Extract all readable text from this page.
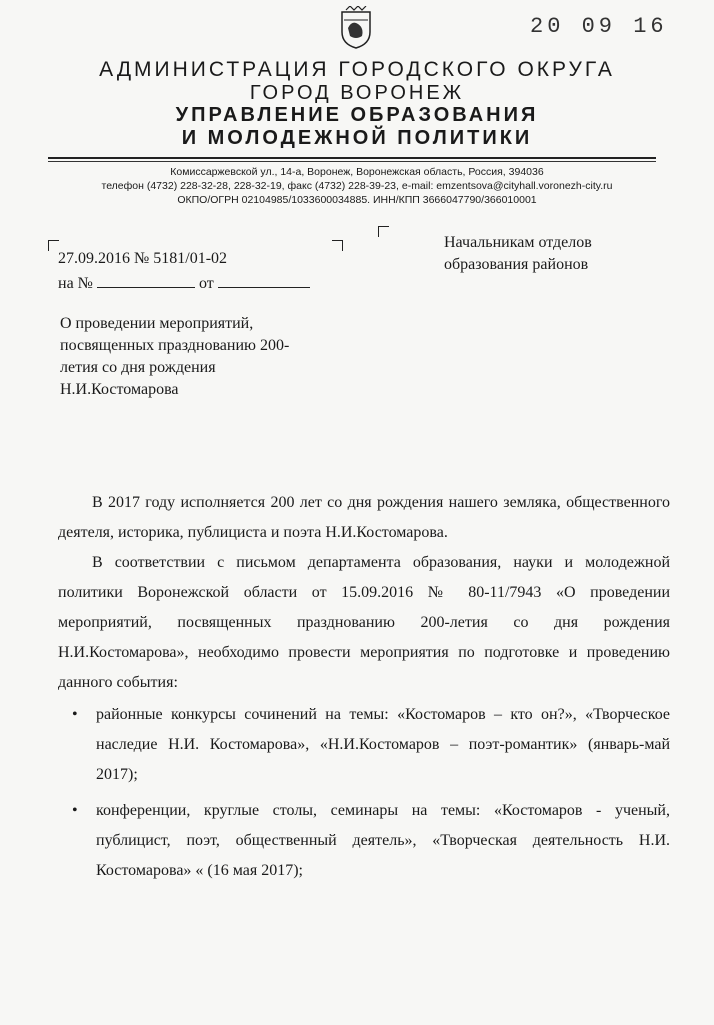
20 09 16
АДМИНИСТРАЦИЯ ГОРОДСКОГО ОКРУГА
ГОРОД ВОРОНЕЖ
УПРАВЛЕНИЕ ОБРАЗОВАНИЯ
И МОЛОДЕЖНОЙ ПОЛИТИКИ
Комиссаржевской ул., 14-а, Воронеж, Воронежская область, Россия, 394036
телефон (4732) 228-32-28, 228-32-19, факс (4732) 228-39-23, e-mail: emzentsova@cityhall.voronezh-city.ru
ОКПО/ОГРН 02104985/1033600034885. ИНН/КПП 3666047790/366010001
27.09.2016 № 5181/01-02
на №	от
Начальникам отделов
образования районов
О проведении мероприятий,
посвященных празднованию 200-
летия со дня рождения
Н.И.Костомарова

В 2017 году исполняется 200 лет со дня рождения нашего земляка, общественного деятеля, историка, публициста и поэта Н.И.Костомарова.

В соответствии с письмом департамента образования, науки и молодежной политики Воронежской области от 15.09.2016 № 80-11/7943 «О проведении мероприятий, посвященных празднованию 200-летия со дня рождения Н.И.Костомарова», необходимо провести мероприятия по подготовке и проведению данного события:

• районные конкурсы сочинений на темы: «Костомаров – кто он?», «Творческое наследие Н.И. Костомарова», «Н.И.Костомаров – поэт-романтик» (январь-май 2017);
• конференции, круглые столы, семинары на темы: «Костомаров - ученый, публицист, поэт, общественный деятель», «Творческая деятельность Н.И. Костомарова» « (16 мая 2017);
